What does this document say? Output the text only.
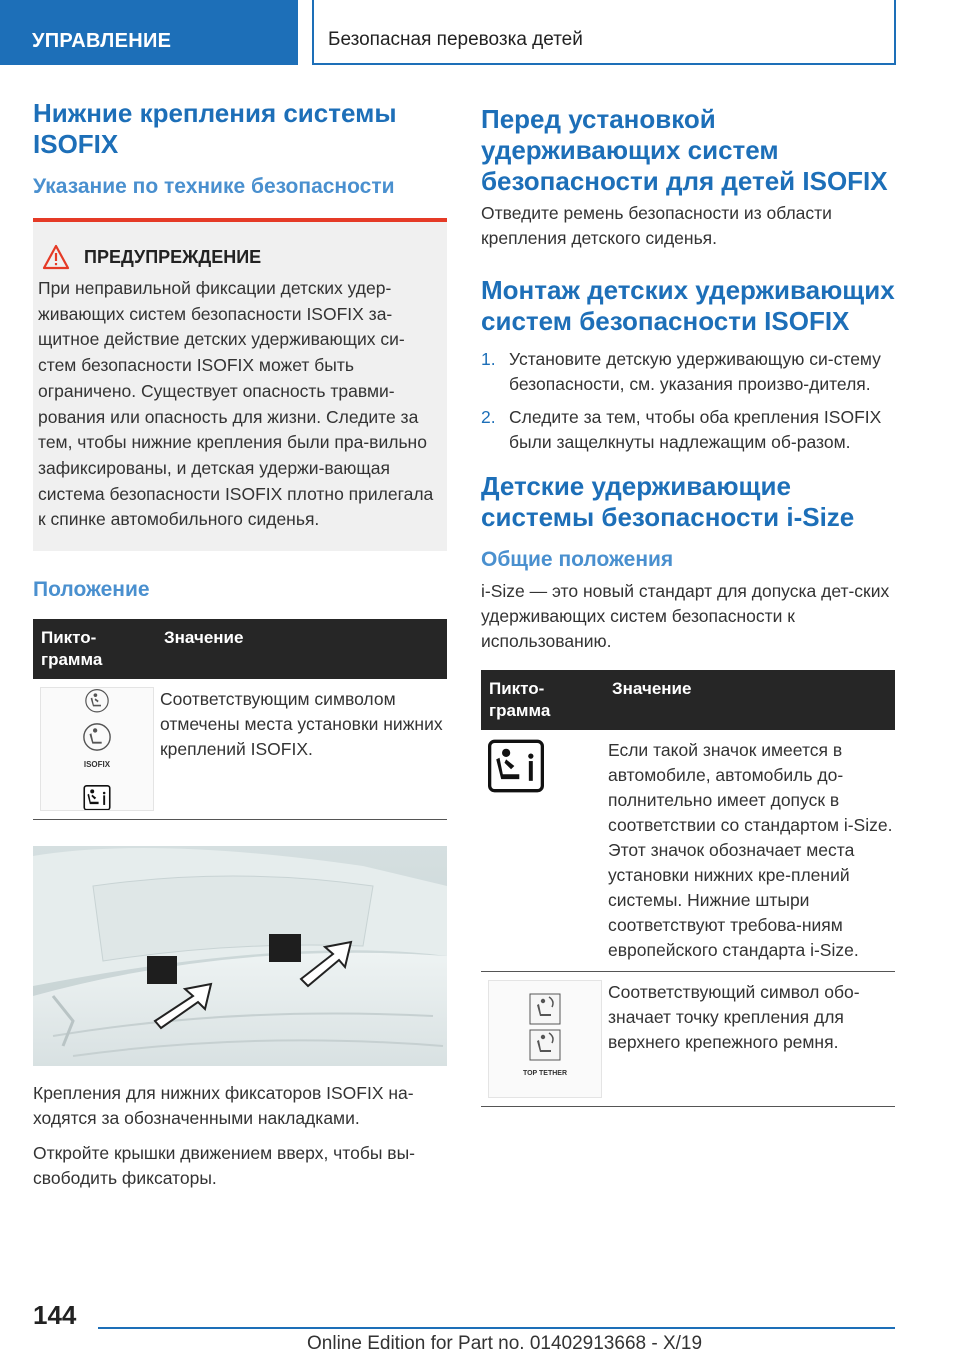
УПРАВЛЕНИЕ	Безопасная перевозка детей
Нижние крепления системы ISOFIX
Указание по технике безопасности
ПРЕДУПРЕЖДЕНИЕ

При неправильной фиксации детских удер-живающих систем безопасности ISOFIX за-щитное действие детских удерживающих си-стем безопасности ISOFIX может быть ограничено. Существует опасность травми-рования или опасность для жизни. Следите за тем, чтобы нижние крепления были пра-вильно зафиксированы, и детская удержи-вающая система безопасности ISOFIX плотно прилегала к спинке автомобильного сиденья.

Положение
Пикто-грамма	Значение

ISOFIX	Соответствующим символом отмечены места установки нижних креплений ISOFIX.

Крепления для нижних фиксаторов ISOFIX на-ходятся за обозначенными накладками.

Откройте крышки движением вверх, чтобы вы-свободить фиксаторы.

Перед установкой удерживающих систем безопасности для детей ISOFIX

Отведите ремень безопасности из области крепления детского сиденья.

Монтаж детских удерживающих систем безопасности ISOFIX
1. Установите детскую удерживающую си-стему безопасности, см. указания произво-дителя.
2. Следите за тем, чтобы оба крепления ISOFIX были защелкнуты надлежащим об-разом.
Детские удерживающие системы безопасности i-Size
Общие положения

i-Size — это новый стандарт для допуска дет-ских удерживающих систем безопасности к использованию.

Пикто-грамма	Значение

	Если такой значок имеется в автомобиле, автомобиль до-полнительно имеет допуск в соответствии со стандартом i-Size. Этот значок обозначает места установки нижних кре-плений системы. Нижние штыри соответствуют требова-ниям европейского стандарта i-Size.

TOP TETHER	Соответствующий символ обо-значает точку крепления для верхнего крепежного ремня.
144
Online Edition for Part no. 01402913668 - X/19
